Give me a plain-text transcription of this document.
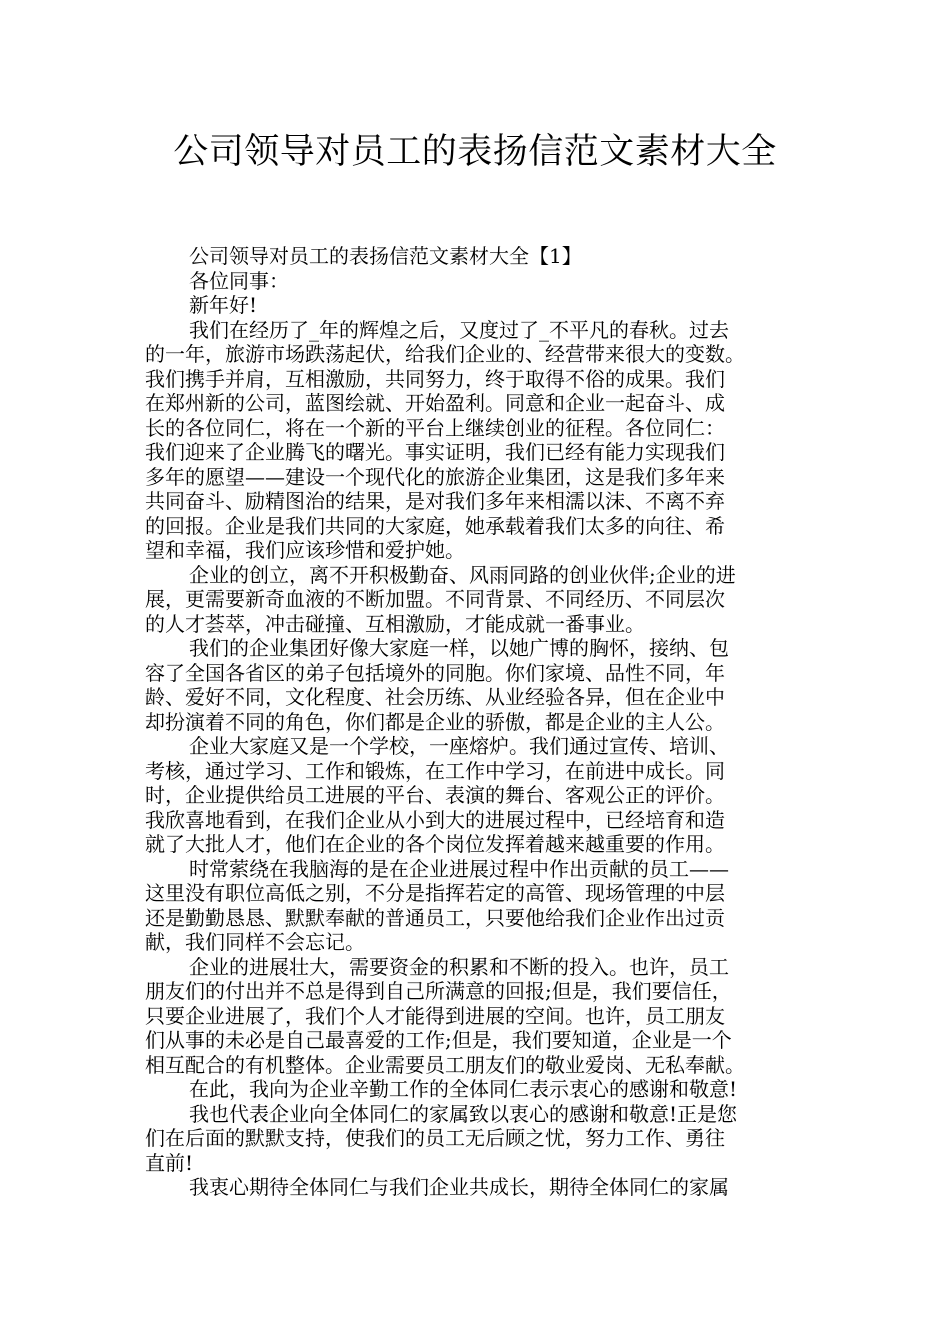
公司领导对员工的表扬信范文素材大全
公司领导对员工的表扬信范文素材大全【1】
各位同事：
新年好!
我们在经历了_年的辉煌之后，又度过了_不平凡的春秋。过去
的一年，旅游市场跌荡起伏，给我们企业的、经营带来很大的变数。
我们携手并肩，互相激励，共同努力，终于取得不俗的成果。我们
在郑州新的公司，蓝图绘就、开始盈利。同意和企业一起奋斗、成
长的各位同仁，将在一个新的平台上继续创业的征程。各位同仁：
我们迎来了企业腾飞的曙光。事实证明，我们已经有能力实现我们
多年的愿望——建设一个现代化的旅游企业集团，这是我们多年来
共同奋斗、励精图治的结果，是对我们多年来相濡以沫、不离不弃
的回报。企业是我们共同的大家庭，她承载着我们太多的向往、希
望和幸福，我们应该珍惜和爱护她。
企业的创立，离不开积极勤奋、风雨同路的创业伙伴;企业的进
展，更需要新奇血液的不断加盟。不同背景、不同经历、不同层次
的人才荟萃，冲击碰撞、互相激励，才能成就一番事业。
我们的企业集团好像大家庭一样，以她广博的胸怀，接纳、包
容了全国各省区的弟子包括境外的同胞。你们家境、品性不同，年
龄、爱好不同，文化程度、社会历练、从业经验各异，但在企业中
却扮演着不同的角色，你们都是企业的骄傲，都是企业的主人公。
企业大家庭又是一个学校，一座熔炉。我们通过宣传、培训、
考核，通过学习、工作和锻炼，在工作中学习，在前进中成长。同
时，企业提供给员工进展的平台、表演的舞台、客观公正的评价。
我欣喜地看到，在我们企业从小到大的进展过程中，已经培育和造
就了大批人才，他们在企业的各个岗位发挥着越来越重要的作用。
时常萦绕在我脑海的是在企业进展过程中作出贡献的员工——
这里没有职位高低之别，不分是指挥若定的高管、现场管理的中层
还是勤勤恳恳、默默奉献的普通员工，只要他给我们企业作出过贡
献，我们同样不会忘记。
企业的进展壮大，需要资金的积累和不断的投入。也许，员工
朋友们的付出并不总是得到自己所满意的回报;但是，我们要信任，
只要企业进展了，我们个人才能得到进展的空间。也许，员工朋友
们从事的未必是自己最喜爱的工作;但是，我们要知道，企业是一个
相互配合的有机整体。企业需要员工朋友们的敬业爱岗、无私奉献。
在此，我向为企业辛勤工作的全体同仁表示衷心的感谢和敬意!
我也代表企业向全体同仁的家属致以衷心的感谢和敬意!正是您
们在后面的默默支持，使我们的员工无后顾之忧，努力工作、勇往
直前!
我衷心期待全体同仁与我们企业共成长，期待全体同仁的家属
